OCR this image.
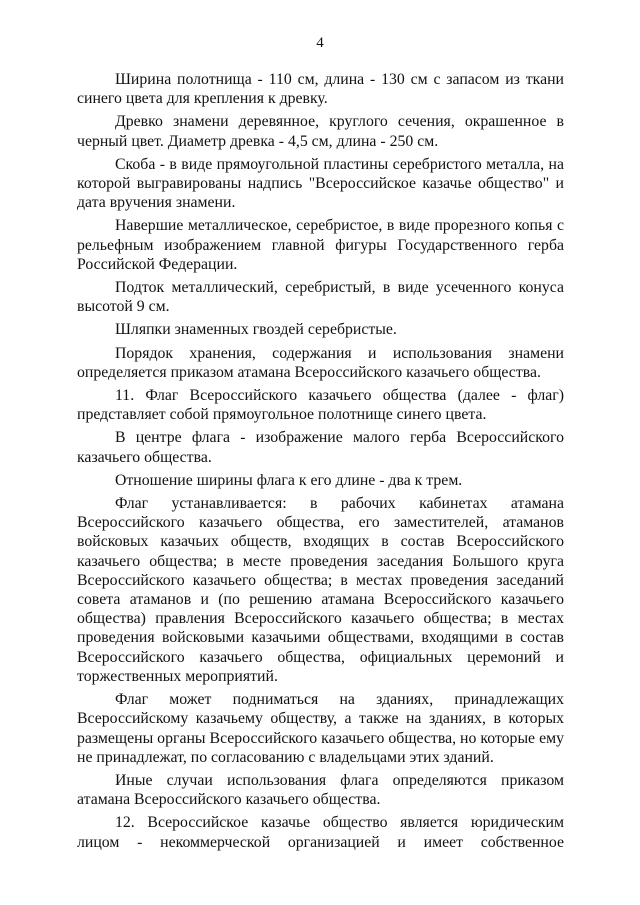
4

Ширина полотнища - 110 см, длина - 130 см с запасом из ткани синего цвета для крепления к древку.

Древко знамени деревянное, круглого сечения, окрашенное в черный цвет. Диаметр древка - 4,5 см, длина - 250 см.

Скоба - в виде прямоугольной пластины серебристого металла, на которой выгравированы надпись "Всероссийское казачье общество" и дата вручения знамени.

Навершие металлическое, серебристое, в виде прорезного копья с рельефным изображением главной фигуры Государственного герба Российской Федерации.

Подток металлический, серебристый, в виде усеченного конуса высотой 9 см.

Шляпки знаменных гвоздей серебристые.

Порядок хранения, содержания и использования знамени определяется приказом атамана Всероссийского казачьего общества.

11. Флаг Всероссийского казачьего общества (далее - флаг) представляет собой прямоугольное полотнище синего цвета.

В центре флага - изображение малого герба Всероссийского казачьего общества.

Отношение ширины флага к его длине - два к трем.

Флаг устанавливается: в рабочих кабинетах атамана Всероссийского казачьего общества, его заместителей, атаманов войсковых казачьих обществ, входящих в состав Всероссийского казачьего общества; в месте проведения заседания Большого круга Всероссийского казачьего общества; в местах проведения заседаний совета атаманов и (по решению атамана Всероссийского казачьего общества) правления Всероссийского казачьего общества; в местах проведения войсковыми казачьими обществами, входящими в состав Всероссийского казачьего общества, официальных церемоний и торжественных мероприятий.

Флаг может подниматься на зданиях, принадлежащих Всероссийскому казачьему обществу, а также на зданиях, в которых размещены органы Всероссийского казачьего общества, но которые ему не принадлежат, по согласованию с владельцами этих зданий.

Иные случаи использования флага определяются приказом атамана Всероссийского казачьего общества.

12. Всероссийское казачье общество является юридическим лицом - некоммерческой организацией и имеет собственное
